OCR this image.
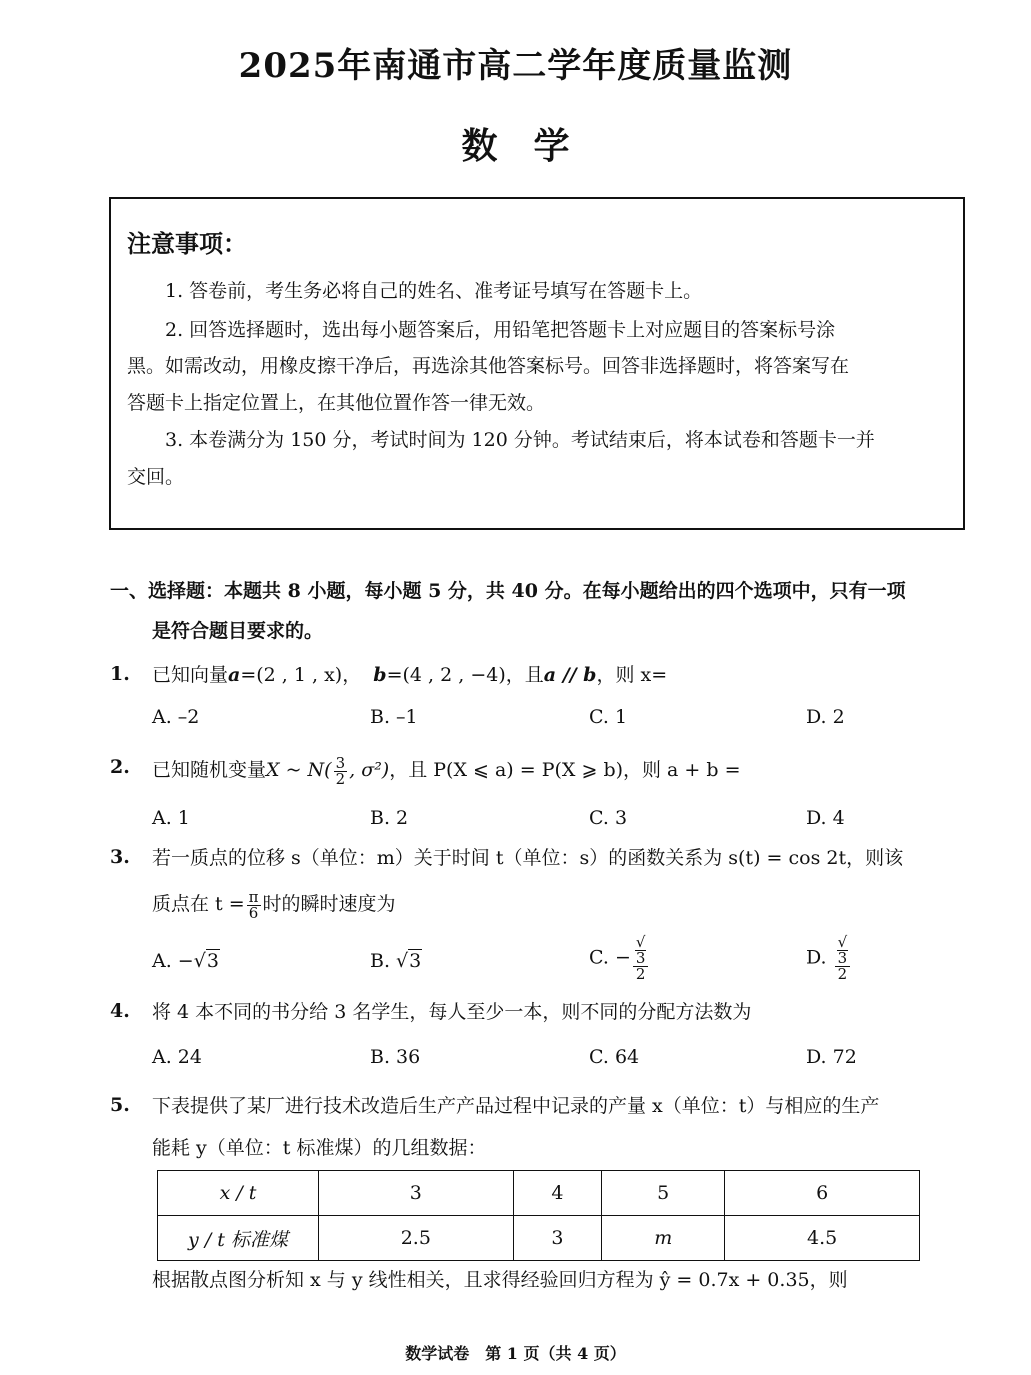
2025年南通市高二学年度质量监测
数学
注意事项：
1. 答卷前，考生务必将自己的姓名、准考证号填写在答题卡上。
2. 回答选择题时，选出每小题答案后，用铅笔把答题卡上对应题目的答案标号涂
黑。如需改动，用橡皮擦干净后，再选涂其他答案标号。回答非选择题时，将答案写在
答题卡上指定位置上，在其他位置作答一律无效。
3. 本卷满分为 150 分，考试时间为 120 分钟。考试结束后，将本试卷和答题卡一并
交回。
一、选择题：本题共 8 小题，每小题 5 分，共 40 分。在每小题给出的四个选项中，只有一项
是符合题目要求的。
1. 已知向量a=(2 , 1 , x)， b=(4 , 2 , −4)，且a // b，则 x=
A. –2	B. –1	C. 1	D. 2
2. 已知随机变量X ~ $N( \frac{3}{2}$ , σ²)，且 P(X ⩽ a) = P(X ⩾ b)，则 a + b =
A. 1	B. 2	C. 3	D. 4
3. 若一质点的位移 s（单位：m）关于时间 t（单位：s）的函数关系为 s(t) = cos 2t，则该
质点在 $t = \frac{\pi}{6}$ 时的瞬时速度为
A. −√3	B. √3	C. − √
3
2	D. √
3
2
4. 将 4 本不同的书分给 3 名学生，每人至少一本，则不同的分配方法数为
A. 24	B. 36	C. 64	D. 72
5. 下表提供了某厂进行技术改造后生产产品过程中记录的产量 x（单位：t）与相应的生产
能耗 y（单位：t 标准煤）的几组数据：
x / t	3	4	5	6
y / t 标准煤	2.5	3	m	4.5
根据散点图分析知 x 与 y 线性相关，且求得经验回归方程为 ŷ = 0.7x + 0.35，则
数学试卷　第 1 页（共 4 页）
